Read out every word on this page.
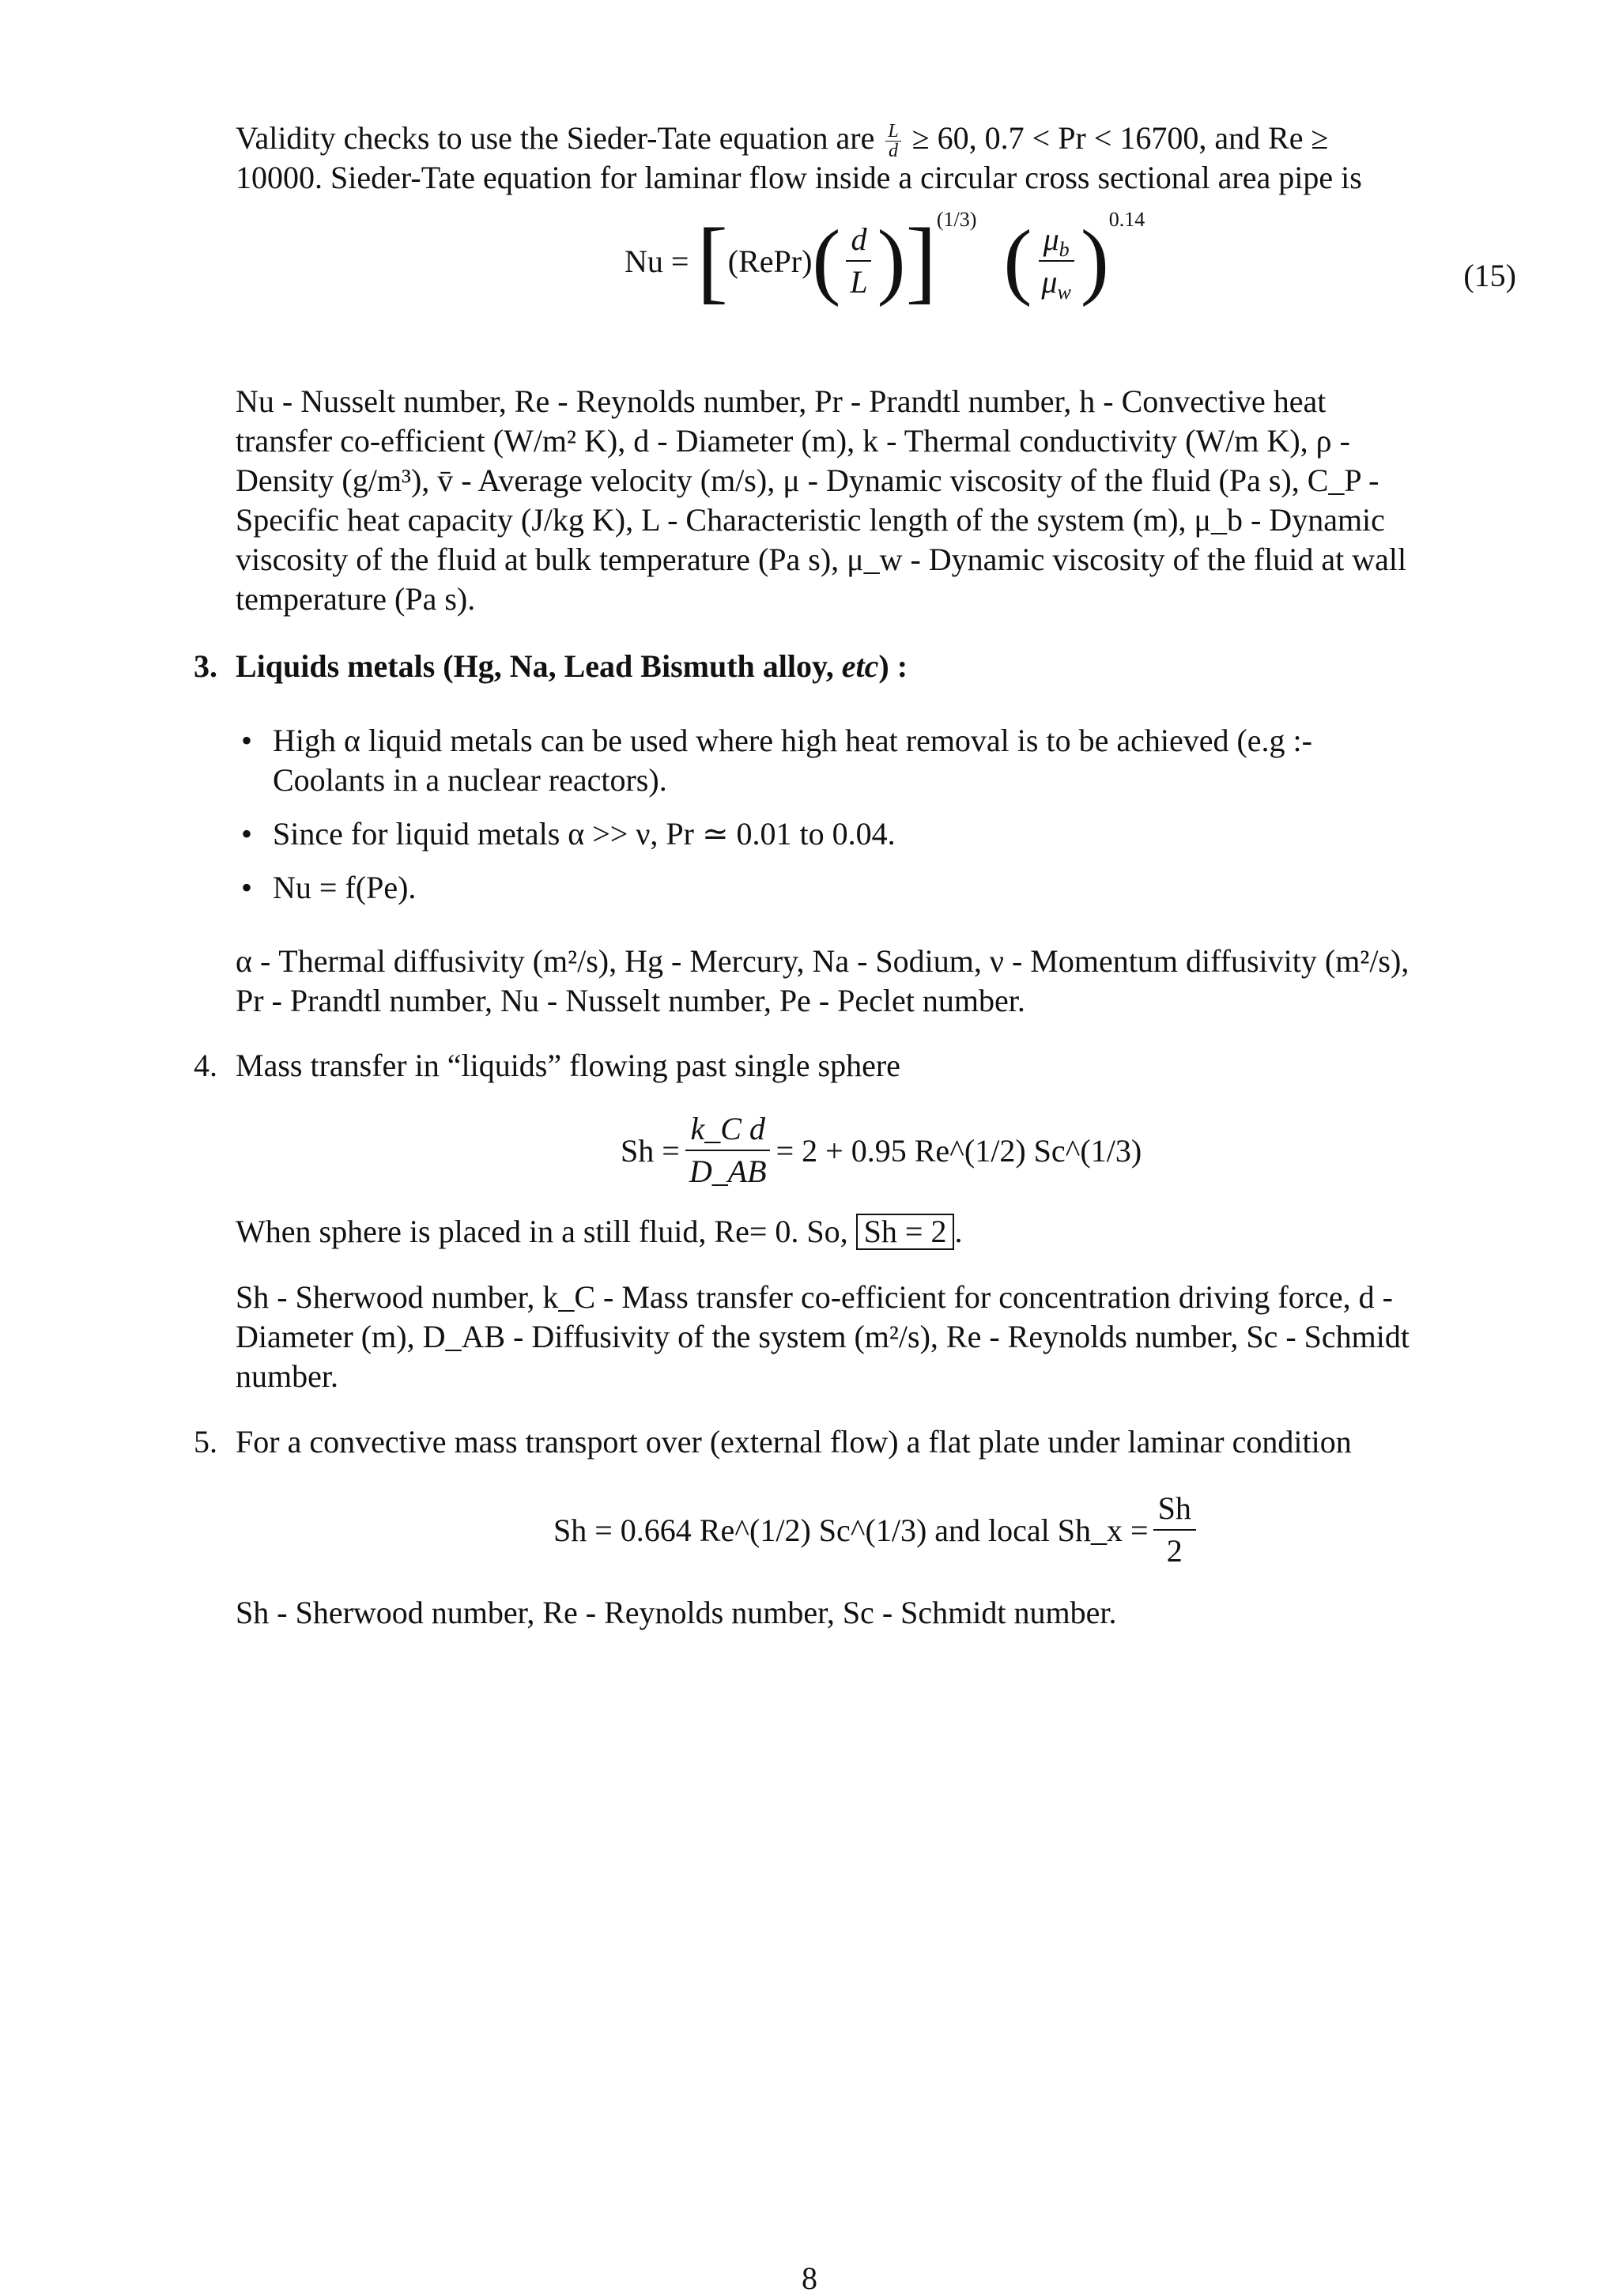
Validity checks to use the Sieder-Tate equation are $\frac{L}{d} \ge 60$, 0.7 < Pr < 16700, and Re ≥

10000. Sieder-Tate equation for laminar flow inside a circular cross sectional area pipe is

Nu = [ (RePr) ( $\frac{d}{L}$ ) ] (1/3) ( $\frac{\mu_b}{\mu_w}$ ) 0.14
(15)

Nu - Nusselt number, Re - Reynolds number, Pr - Prandtl number, h - Convective heat

transfer co-efficient (W/m² K), d - Diameter (m), k - Thermal conductivity (W/m K), ρ -

Density (g/m³), v̄ - Average velocity (m/s), μ - Dynamic viscosity of the fluid (Pa s), C_P -

Specific heat capacity (J/kg K), L - Characteristic length of the system (m), μ_b - Dynamic

viscosity of the fluid at bulk temperature (Pa s), μ_w - Dynamic viscosity of the fluid at wall

temperature (Pa s).

3. Liquids metals (Hg, Na, Lead Bismuth alloy, etc) :

• High α liquid metals can be used where high heat removal is to be achieved (e.g :-

Coolants in a nuclear reactors).

• Since for liquid metals α >> ν, Pr ≃ 0.01 to 0.04.

• Nu = f(Pe).

α - Thermal diffusivity (m²/s), Hg - Mercury, Na - Sodium, ν - Momentum diffusivity (m²/s),

Pr - Prandtl number, Nu - Nusselt number, Pe - Peclet number.

4. Mass transfer in “liquids” flowing past single sphere

$Sh = \frac{\text{k\_C d}}{D\_AB} = 2 + 0.95$ Re^(1/2) Sc^(1/3)

When sphere is placed in a still fluid, Re= 0. So, Sh = 2 .

Sh - Sherwood number, k_C - Mass transfer co-efficient for concentration driving force, d -

Diameter (m), D_AB - Diffusivity of the system (m²/s), Re - Reynolds number, Sc - Schmidt

number.

5. For a convective mass transport over (external flow) a flat plate under laminar condition

Sh = 0.664 Re^(1/2) Sc^(1/3) and local Sh_x = $\frac{Sh}{2}$

Sh - Sherwood number, Re - Reynolds number, Sc - Schmidt number.

8
